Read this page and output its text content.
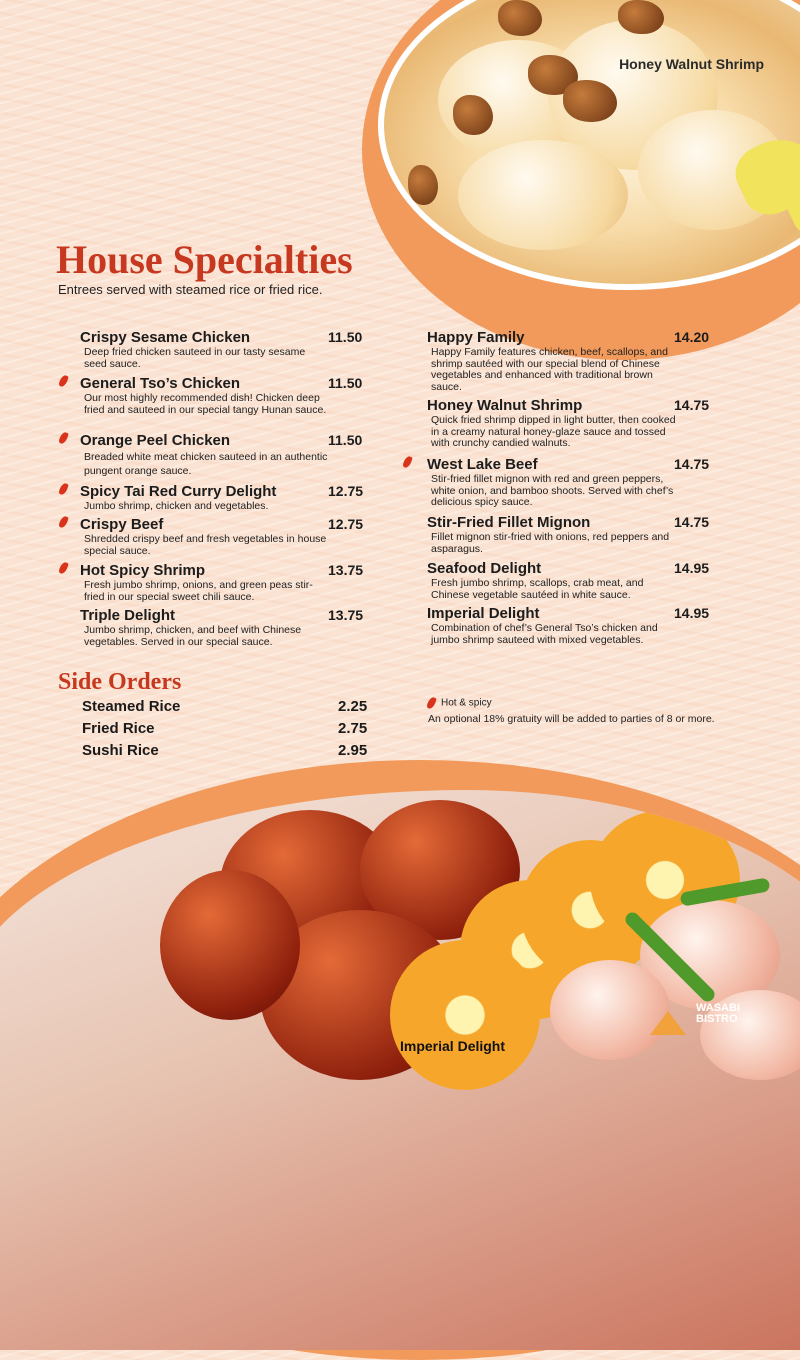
Honey Walnut Shrimp
House Specialties
Entrees served with steamed rice or fried rice.
Crispy Sesame Chicken	11.50
Deep fried chicken sauteed in our tasty sesame seed sauce.
General Tso’s Chicken	11.50
Our most highly recommended dish! Chicken deep fried and sauteed in our special tangy Hunan sauce.
Orange Peel Chicken	11.50
Breaded white meat chicken sauteed in an authentic pungent orange sauce.
Spicy Tai Red Curry Delight	12.75
Jumbo shrimp, chicken and vegetables.
Crispy Beef	12.75
Shredded crispy beef and fresh vegetables in house special sauce.
Hot Spicy Shrimp	13.75
Fresh jumbo shrimp, onions, and green peas stir-fried in our special sweet chili sauce.
Triple Delight	13.75
Jumbo shrimp, chicken, and beef with Chinese vegetables. Served in our special sauce.
Happy Family	14.20
Happy Family features chicken, beef, scallops, and shrimp sautéed with our special blend of Chinese vegetables and enhanced with traditional brown sauce.
Honey Walnut Shrimp	14.75
Quick fried shrimp dipped in light butter, then cooked in a creamy natural honey-glaze sauce and tossed with crunchy candied walnuts.
West Lake Beef	14.75
Stir-fried fillet mignon with red and green peppers, white onion, and bamboo shoots. Served with chef’s delicious spicy sauce.
Stir-Fried Fillet Mignon	14.75
Fillet mignon stir-fried with onions, red peppers and asparagus.
Seafood Delight	14.95
Fresh jumbo shrimp, scallops, crab meat, and Chinese vegetable sautéed in white sauce.
Imperial Delight	14.95
Combination of chef’s General Tso’s chicken and jumbo shrimp sauteed with mixed vegetables.
Side Orders
Steamed Rice	2.25
Fried Rice	2.75
Sushi Rice	2.95
Hot & spicy
An optional 18% gratuity will be added to parties of 8 or more.
Imperial Delight
WASABI
BISTRO
